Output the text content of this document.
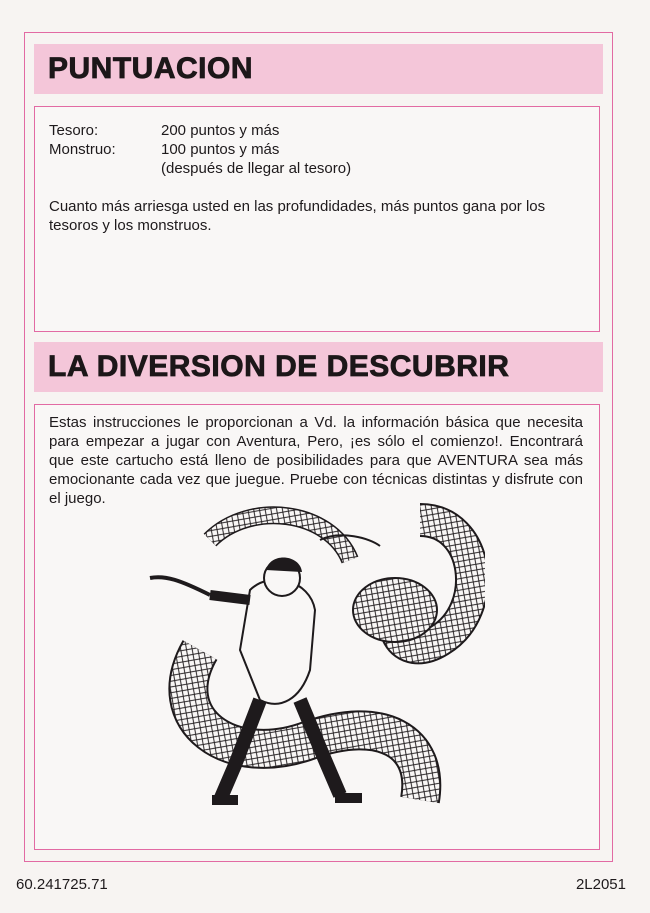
PUNTUACION
Tesoro:	200 puntos y más
Monstruo:	100 puntos y más
(después de llegar al tesoro)
Cuanto más arriesga usted en las profundidades, más puntos gana por los tesoros y los monstruos.
LA DIVERSION DE DESCUBRIR
Estas instrucciones le proporcionan a Vd. la información básica que necesita para empezar a jugar con Aventura, Pero, ¡es sólo el comienzo!. Encontrará que este cartucho está lleno de posibilidades para que AVENTURA sea más emocionante cada vez que juegue. Pruebe con técnicas distintas y disfrute con el juego.
60.241725.71	2L2051
